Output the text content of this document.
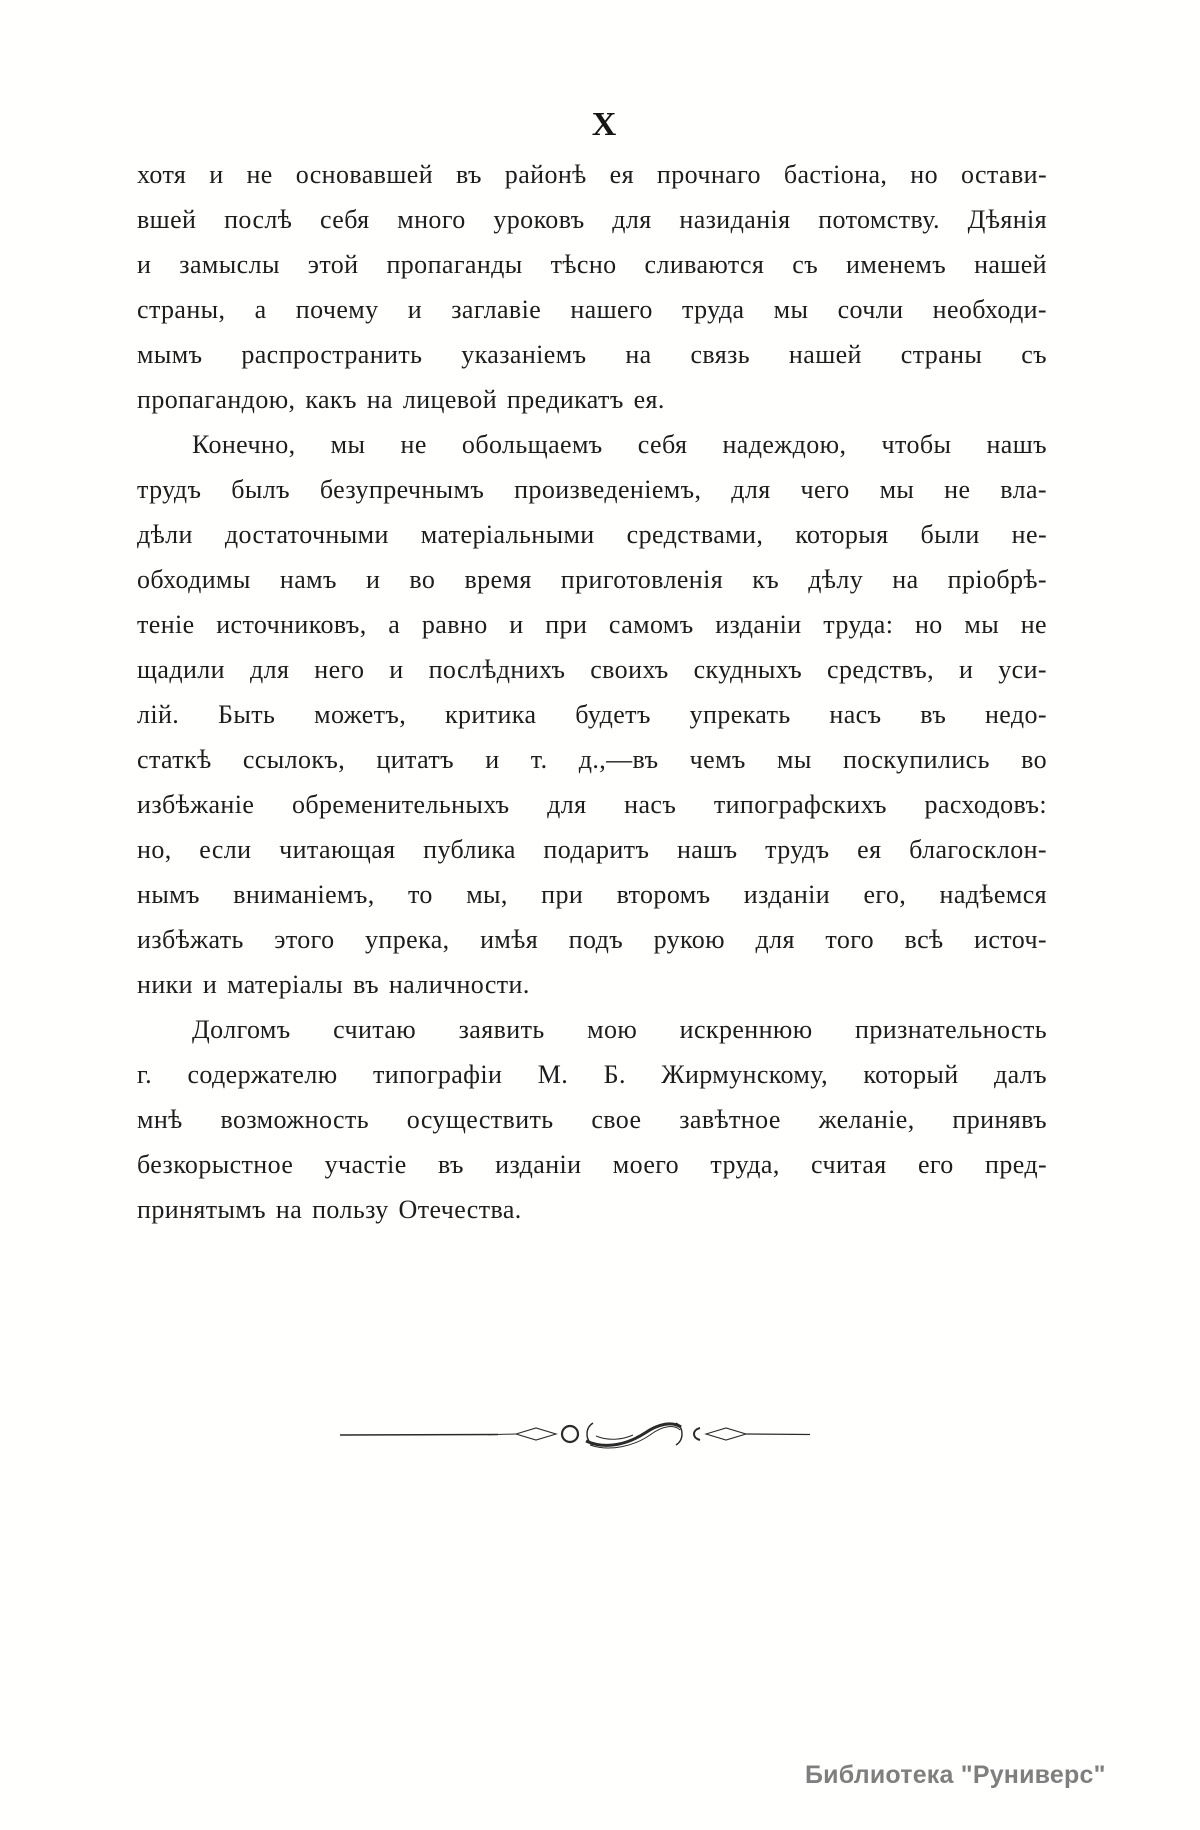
X
хотя и не основавшей въ районѣ ея прочнаго бастіона, но остави-
вшей послѣ себя много уроковъ для назиданія потомству. Дѣянія
и замыслы этой пропаганды тѣсно сливаются съ именемъ нашей
страны, а почему и заглавіе нашего труда мы сочли необходи-
мымъ распространить указаніемъ на связь нашей страны съ
пропагандою, какъ на лицевой предикатъ ея.
Конечно, мы не обольщаемъ себя надеждою, чтобы нашъ
трудъ былъ безупречнымъ произведеніемъ, для чего мы не вла-
дѣли достаточными матеріальными средствами, которыя были не-
обходимы намъ и во время приготовленія къ дѣлу на пріобрѣ-
теніе источниковъ, а равно и при самомъ изданіи труда: но мы не
щадили для него и послѣднихъ своихъ скудныхъ средствъ, и уси-
лій. Быть можетъ, критика будетъ упрекать насъ въ недо-
статкѣ ссылокъ, цитатъ и т. д.,—въ чемъ мы поскупились во
избѣжаніе обременительныхъ для насъ типографскихъ расходовъ:
но, если читающая публика подаритъ нашъ трудъ ея благосклон-
нымъ вниманіемъ, то мы, при второмъ изданіи его, надѣемся
избѣжать этого упрека, имѣя подъ рукою для того всѣ источ-
ники и матеріалы въ наличности.
Долгомъ считаю заявить мою искреннюю признательность
г. содержателю типографіи М. Б. Жирмунскому, который далъ
мнѣ возможность осуществить свое завѣтное желаніе, принявъ
безкорыстное участіе въ изданіи моего труда, считая его пред-
принятымъ на пользу Отечества.
Библиотека "Руниверс"
